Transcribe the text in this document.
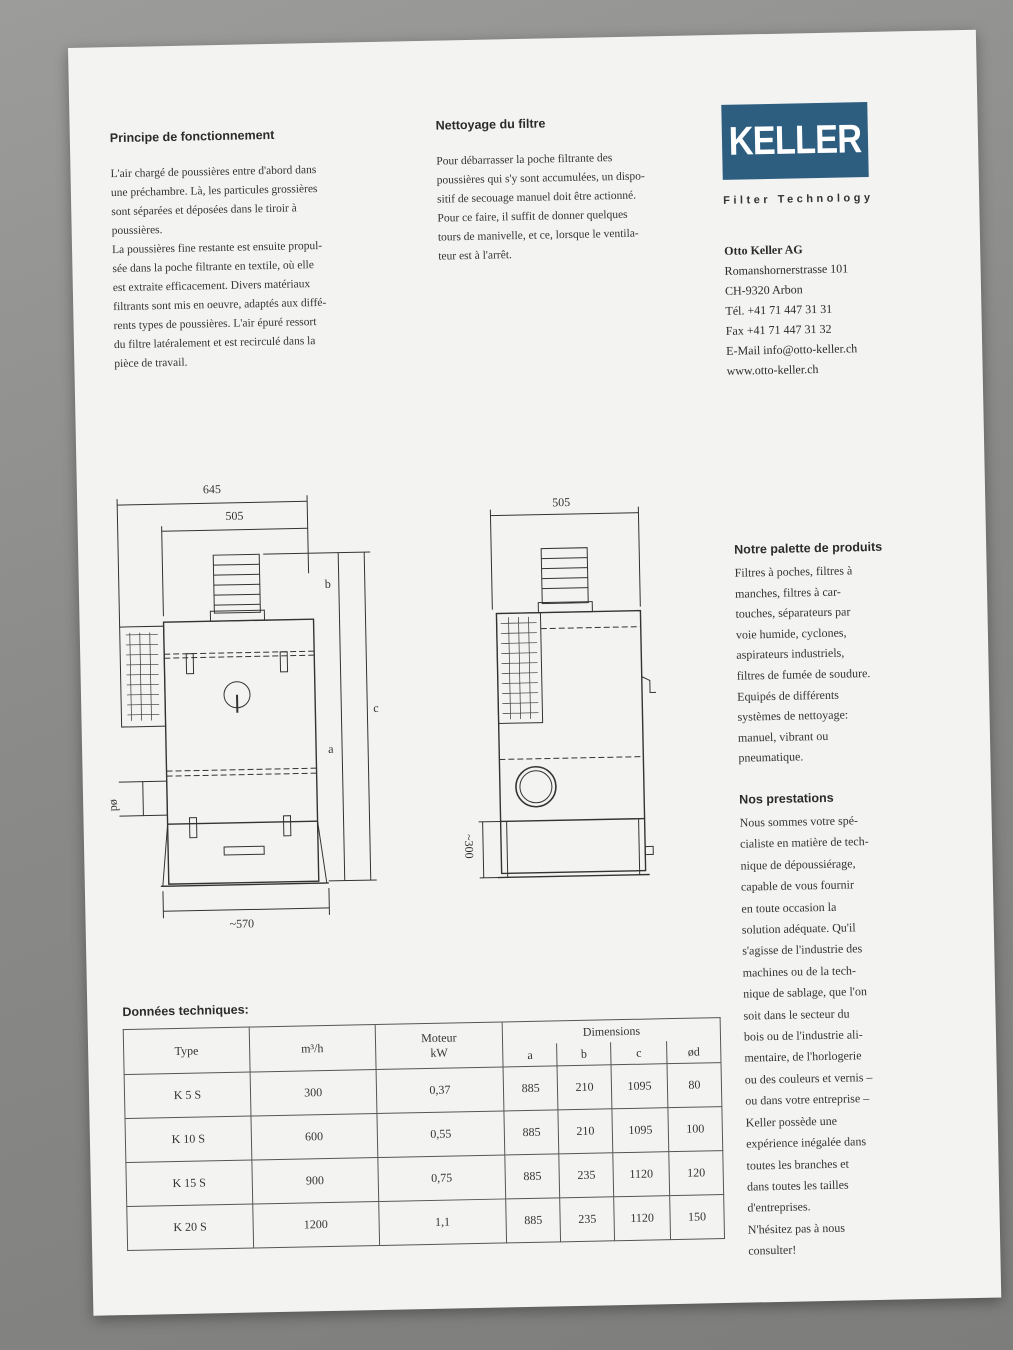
Principe de fonctionnement

L'air chargé de poussières entre d'abord dans
une préchambre. Là, les particules grossières
sont séparées et déposées dans le tiroir à
poussières.
La poussières fine restante est ensuite propul-
sée dans la poche filtrante en textile, où elle
est extraite efficacement. Divers matériaux
filtrants sont mis en oeuvre, adaptés aux diffé-
rents types de poussières. L'air épuré ressort
du filtre latéralement et est recirculé dans la
pièce de travail.

Nettoyage du filtre

Pour débarrasser la poche filtrante des
poussières qui s'y sont accumulées, un dispo-
sitif de secouage manuel doit être actionné.
Pour ce faire, il suffit de donner quelques
tours de manivelle, et ce, lorsque le ventila-
teur est à l'arrêt.

KELLER
Filter Technology
Otto Keller AG
Romanshornerstrasse 101
CH-9320 Arbon
Tél. +41 71 447 31 31
Fax +41 71 447 31 32
E-Mail info@otto-keller.ch
www.otto-keller.ch
645
505
ød
b
a
c
~570
505
~300
Notre palette de produits

Filtres à poches, filtres à
manches, filtres à car-
touches, séparateurs par
voie humide, cyclones,
aspirateurs industriels,
filtres de fumée de soudure.
Equipés de différents
systèmes de nettoyage:
manuel, vibrant ou
pneumatique.

Nos prestations

Nous sommes votre spé-
cialiste en matière de tech-
nique de dépoussiérage,
capable de vous fournir
en toute occasion la
solution adéquate. Qu'il
s'agisse de l'industrie des
machines ou de la tech-
nique de sablage, que l'on
soit dans le secteur du
bois ou de l'industrie ali-
mentaire, de l'horlogerie
ou des couleurs et vernis –
ou dans votre entreprise –
Keller possède une
expérience inégalée dans
toutes les branches et
dans toutes les tailles
d'entreprises.
N'hésitez pas à nous
consulter!

Données techniques:
Type	m³/h	Moteur
kW	Dimensions			
			a	b	c	ød
K 5 S	300	0,37	885	210	1095	80
K 10 S	600	0,55	885	210	1095	100
K 15 S	900	0,75	885	235	1120	120
K 20 S	1200	1,1	885	235	1120	150
